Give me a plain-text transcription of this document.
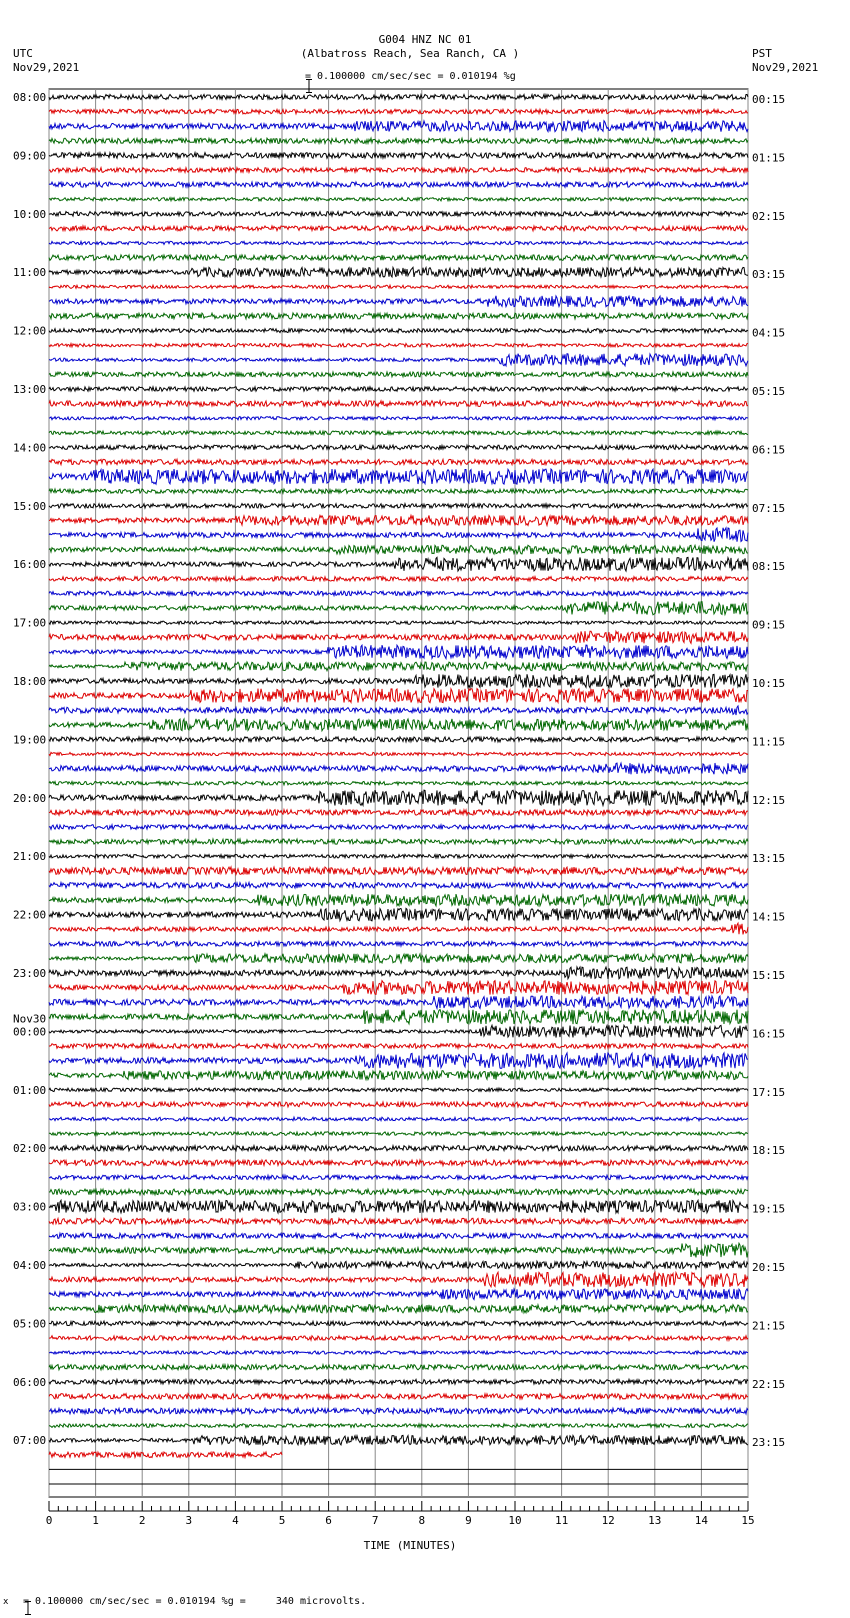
G004 HNZ NC 01
(Albatross Reach, Sea Ranch, CA )

= 0.100000 cm/sec/sec = 0.010194 %g
UTC
Nov29,2021
PST
Nov29,2021
0	1	2	3	4	5	6	7	8	9	10	11	12	13	14	15
08:00
09:00
10:00
11:00
12:00
13:00
14:00
15:00
16:00
17:00
18:00
19:00
20:00
21:00
22:00
23:00
00:00
Nov30
01:00
02:00
03:00
04:00
05:00
06:00
07:00
00:15
01:15
02:15
03:15
04:15
05:15
06:15
07:15
08:15
09:15
10:15
11:15
12:15
13:15
14:15
15:15
16:15
17:15
18:15
19:15
20:15
21:15
22:15
23:15
TIME (MINUTES)
x

= 0.100000 cm/sec/sec = 0.010194 %g =     340 microvolts.
